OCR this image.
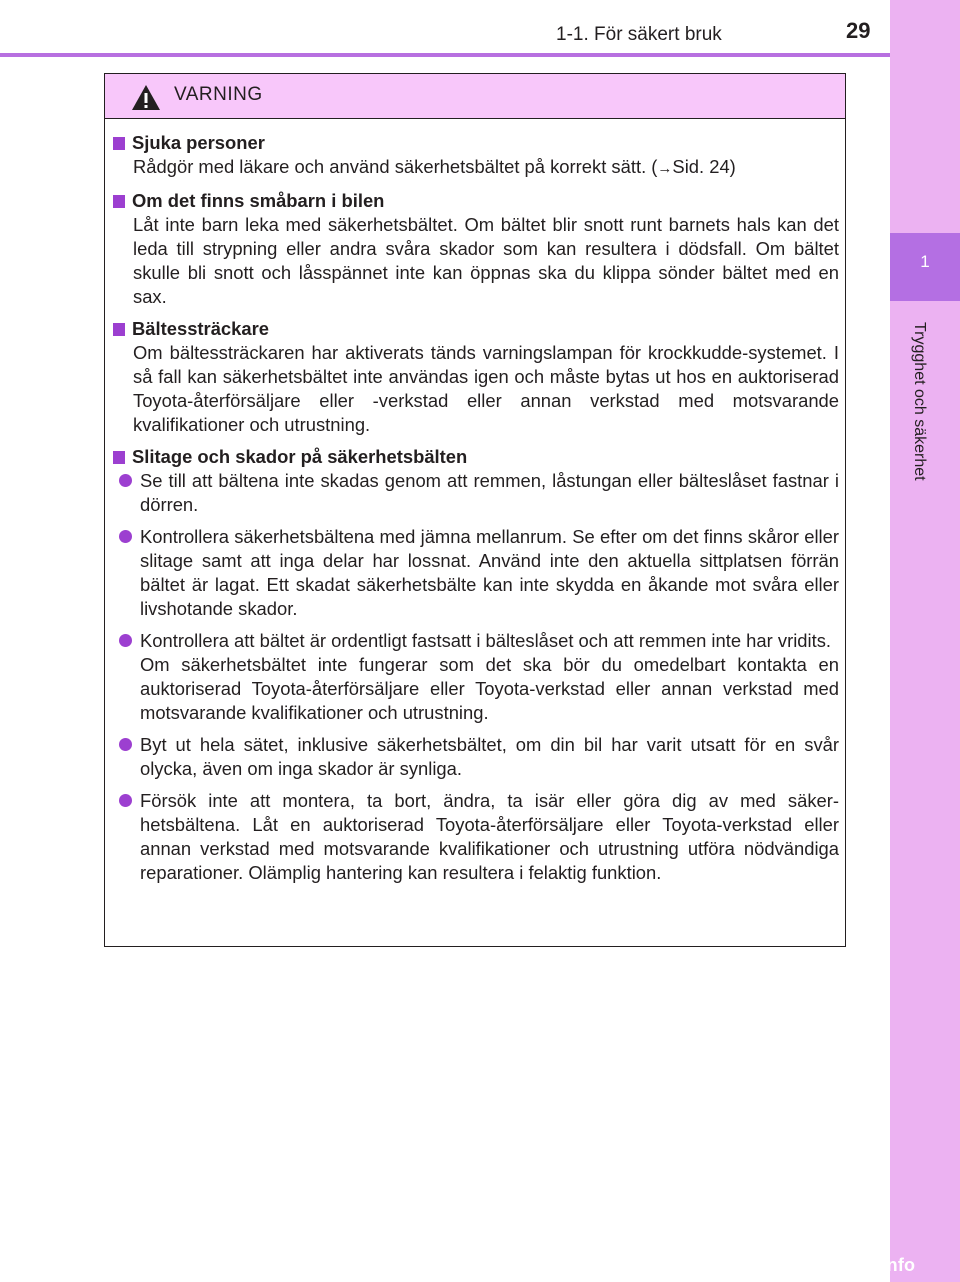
1-1. För säkert bruk	29
1
Trygghet och säkerhet
VARNING
Sjuka personer
Rådgör med läkare och använd säkerhetsbältet på korrekt sätt. (→Sid. 24)
Om det finns småbarn i bilen
Låt inte barn leka med säkerhetsbältet. Om bältet blir snott runt barnets hals kan det leda till strypning eller andra svåra skador som kan resultera i dödsfall. Om bältet skulle bli snott och låsspännet inte kan öppnas ska du klippa sönder bältet med en sax.
Bältessträckare
Om bältessträckaren har aktiverats tänds varningslampan för krockkudde-systemet. I så fall kan säkerhetsbältet inte användas igen och måste bytas ut hos en auktoriserad Toyota-återförsäljare eller -verkstad eller annan verkstad med motsvarande kvalifikationer och utrustning.
Slitage och skador på säkerhetsbälten
Se till att bältena inte skadas genom att remmen, låstungan eller bälteslåset fastnar i dörren.
Kontrollera säkerhetsbältena med jämna mellanrum. Se efter om det finns skåror eller slitage samt att inga delar har lossnat. Använd inte den aktuella sittplatsen förrän bältet är lagat. Ett skadat säkerhetsbälte kan inte skydda en åkande mot svåra eller livshotande skador.
Kontrollera att bältet är ordentligt fastsatt i bälteslåset och att remmen inte har vridits.
Om säkerhetsbältet inte fungerar som det ska bör du omedelbart kontakta en auktoriserad Toyota-återförsäljare eller Toyota-verkstad eller annan verkstad med motsvarande kvalifikationer och utrustning.
Byt ut hela sätet, inklusive säkerhetsbältet, om din bil har varit utsatt för en svår olycka, även om inga skador är synliga.
Försök inte att montera, ta bort, ändra, ta isär eller göra dig av med säker-hetsbältena. Låt en auktoriserad Toyota-återförsäljare eller Toyota-verkstad eller annan verkstad med motsvarande kvalifikationer och utrustning utföra nödvändiga reparationer. Olämplig hantering kan resultera i felaktig funktion.
carmanualsonline.info
